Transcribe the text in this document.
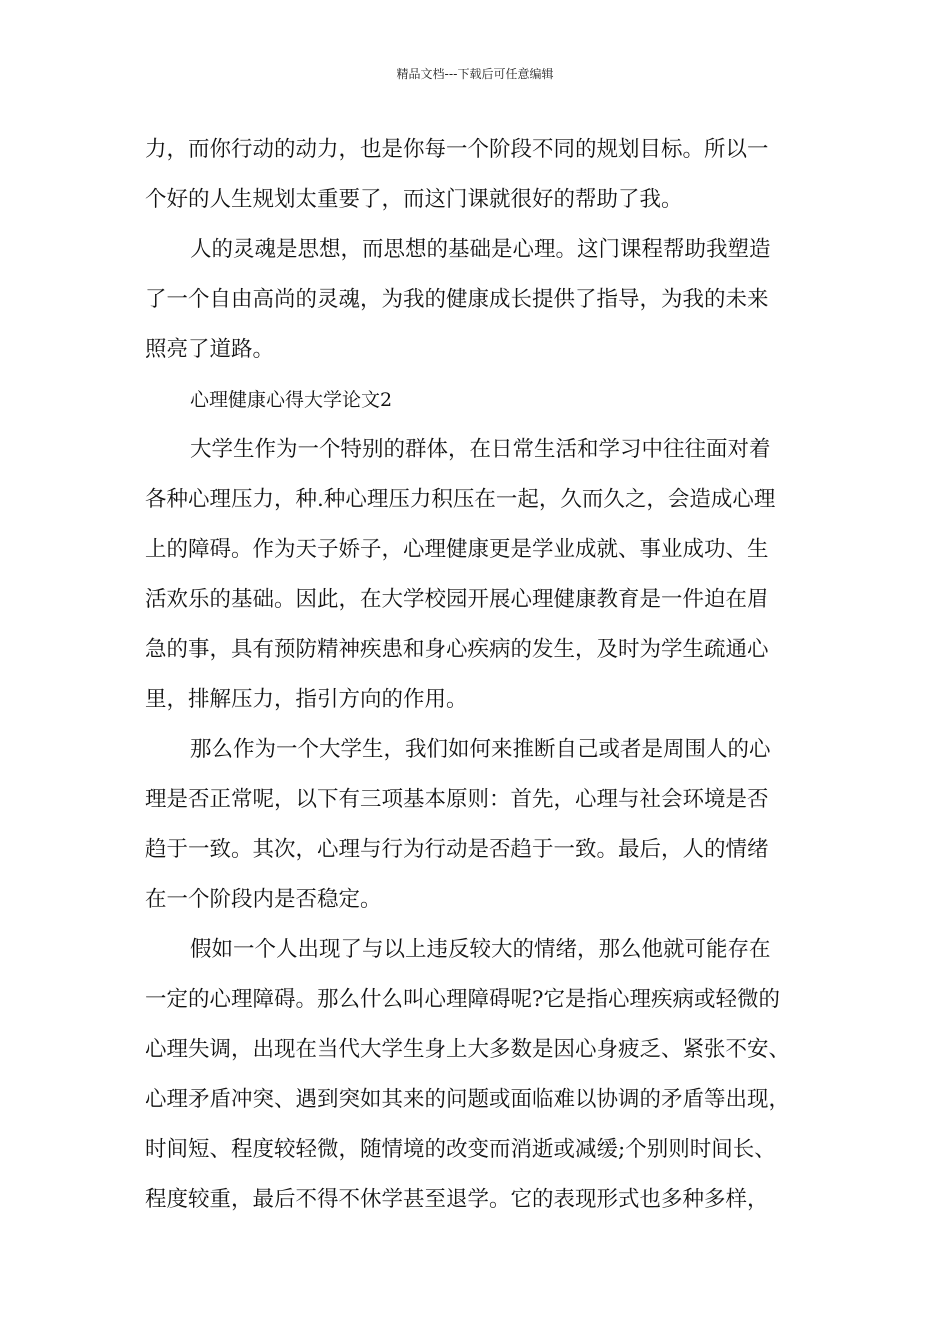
精品文档---下载后可任意编辑
力，而你行动的动力，也是你每一个阶段不同的规划目标。所以一
个好的人生规划太重要了，而这门课就很好的帮助了我。
人的灵魂是思想，而思想的基础是心理。这门课程帮助我塑造
了一个自由高尚的灵魂，为我的健康成长提供了指导，为我的未来
照亮了道路。
心理健康心得大学论文2
大学生作为一个特别的群体，在日常生活和学习中往往面对着
各种心理压力，种.种心理压力积压在一起，久而久之，会造成心理
上的障碍。作为天子娇子，心理健康更是学业成就、事业成功、生
活欢乐的基础。因此，在大学校园开展心理健康教育是一件迫在眉
急的事，具有预防精神疾患和身心疾病的发生，及时为学生疏通心
里，排解压力，指引方向的作用。
那么作为一个大学生，我们如何来推断自己或者是周围人的心
理是否正常呢，以下有三项基本原则：首先，心理与社会环境是否
趋于一致。其次，心理与行为行动是否趋于一致。最后，人的情绪
在一个阶段内是否稳定。
假如一个人出现了与以上违反较大的情绪，那么他就可能存在
一定的心理障碍。那么什么叫心理障碍呢?它是指心理疾病或轻微的
心理失调，出现在当代大学生身上大多数是因心身疲乏、紧张不安、
心理矛盾冲突、遇到突如其来的问题或面临难以协调的矛盾等出现，
时间短、程度较轻微，随情境的改变而消逝或减缓;个别则时间长、
程度较重，最后不得不休学甚至退学。它的表现形式也多种多样，
